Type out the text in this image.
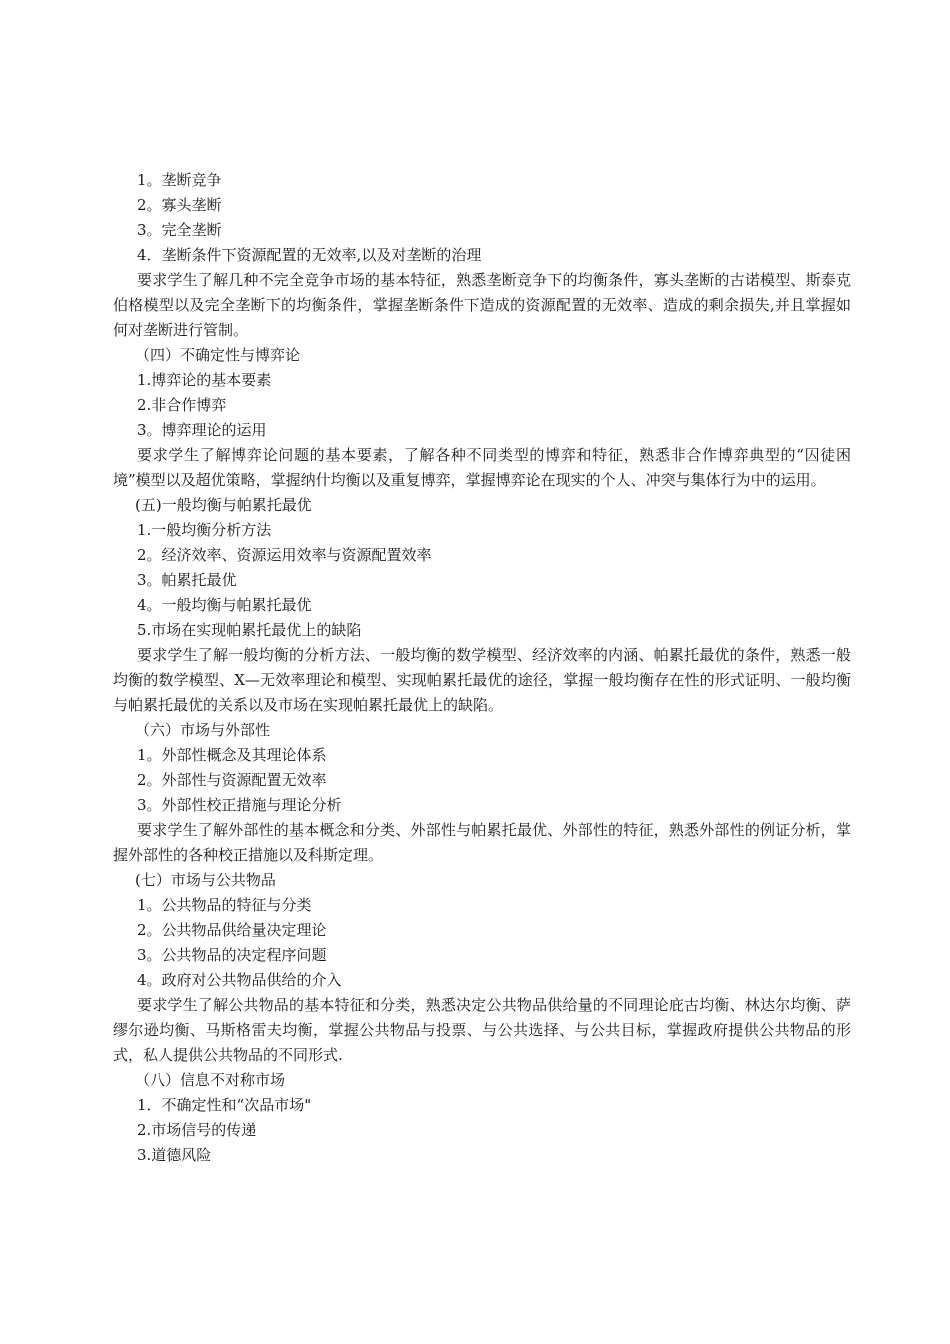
1。垄断竞争
2。寡头垄断
3。完全垄断
4．垄断条件下资源配置的无效率,以及对垄断的治理

要求学生了解几种不完全竞争市场的基本特征，熟悉垄断竞争下的均衡条件，寡头垄断的古诺模型、斯泰克伯格模型以及完全垄断下的均衡条件，掌握垄断条件下造成的资源配置的无效率、造成的剩余损失,并且掌握如何对垄断进行管制。

（四）不确定性与博弈论
1.博弈论的基本要素
2.非合作博弈
3。博弈理论的运用

要求学生了解博弈论问题的基本要素，了解各种不同类型的博弈和特征，熟悉非合作博弈典型的“囚徒困境”模型以及超优策略，掌握纳什均衡以及重复博弈，掌握博弈论在现实的个人、冲突与集体行为中的运用。

(五)一般均衡与帕累托最优
1.一般均衡分析方法
2。经济效率、资源运用效率与资源配置效率
3。帕累托最优
4。一般均衡与帕累托最优
5.市场在实现帕累托最优上的缺陷

要求学生了解一般均衡的分析方法、一般均衡的数学模型、经济效率的内涵、帕累托最优的条件，熟悉一般均衡的数学模型、X—无效率理论和模型、实现帕累托最优的途径，掌握一般均衡存在性的形式证明、一般均衡与帕累托最优的关系以及市场在实现帕累托最优上的缺陷。

（六）市场与外部性
1。外部性概念及其理论体系
2。外部性与资源配置无效率
3。外部性校正措施与理论分析

要求学生了解外部性的基本概念和分类、外部性与帕累托最优、外部性的特征，熟悉外部性的例证分析，掌握外部性的各种校正措施以及科斯定理。

(七）市场与公共物品
1。公共物品的特征与分类
2。公共物品供给量决定理论
3。公共物品的决定程序问题
4。政府对公共物品供给的介入

要求学生了解公共物品的基本特征和分类，熟悉决定公共物品供给量的不同理论庇古均衡、林达尔均衡、萨缪尔逊均衡、马斯格雷夫均衡，掌握公共物品与投票、与公共选择、与公共目标，掌握政府提供公共物品的形式，私人提供公共物品的不同形式.

（八）信息不对称市场
1．不确定性和“次品市场"
2.市场信号的传递
3.道德风险
